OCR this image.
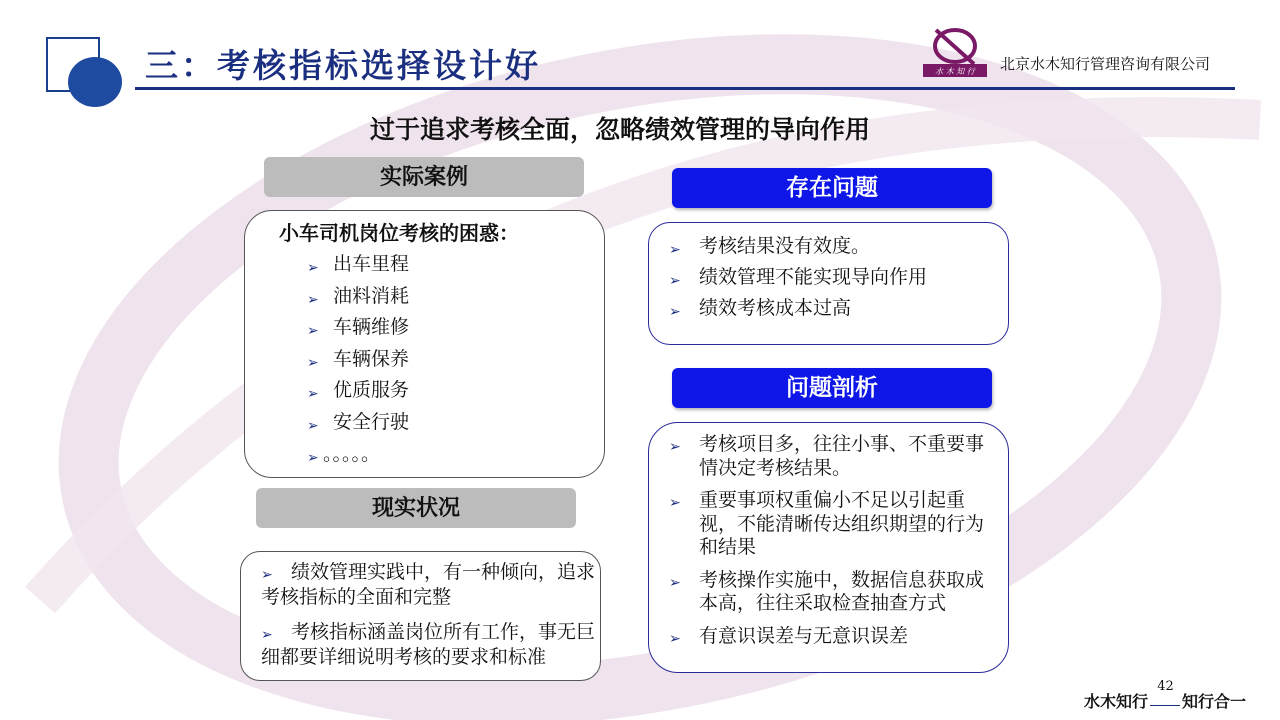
三：考核指标选择设计好	水 木 知 行 北京水木知行管理咨询有限公司
过于追求考核全面，忽略绩效管理的导向作用
实际案例
小车司机岗位考核的困惑：
➢ 出车里程
➢ 油料消耗
➢ 车辆维修
➢ 车辆保养
➢ 优质服务
➢ 安全行驶
➢ 。。。。。
现实状况
➢ 绩效管理实践中，有一种倾向，追求考核指标的全面和完整
➢ 考核指标涵盖岗位所有工作，事无巨细都要详细说明考核的要求和标准
存在问题
➢ 考核结果没有效度。
➢ 绩效管理不能实现导向作用
➢ 绩效考核成本过高
问题剖析
➢ 考核项目多，往往小事、不重要事情决定考核结果。
➢ 重要事项权重偏小不足以引起重视，不能清晰传达组织期望的行为和结果
➢ 考核操作实施中，数据信息获取成本高，往往采取检查抽查方式
➢ 有意识误差与无意识误差
水木知行
42
知行合一
